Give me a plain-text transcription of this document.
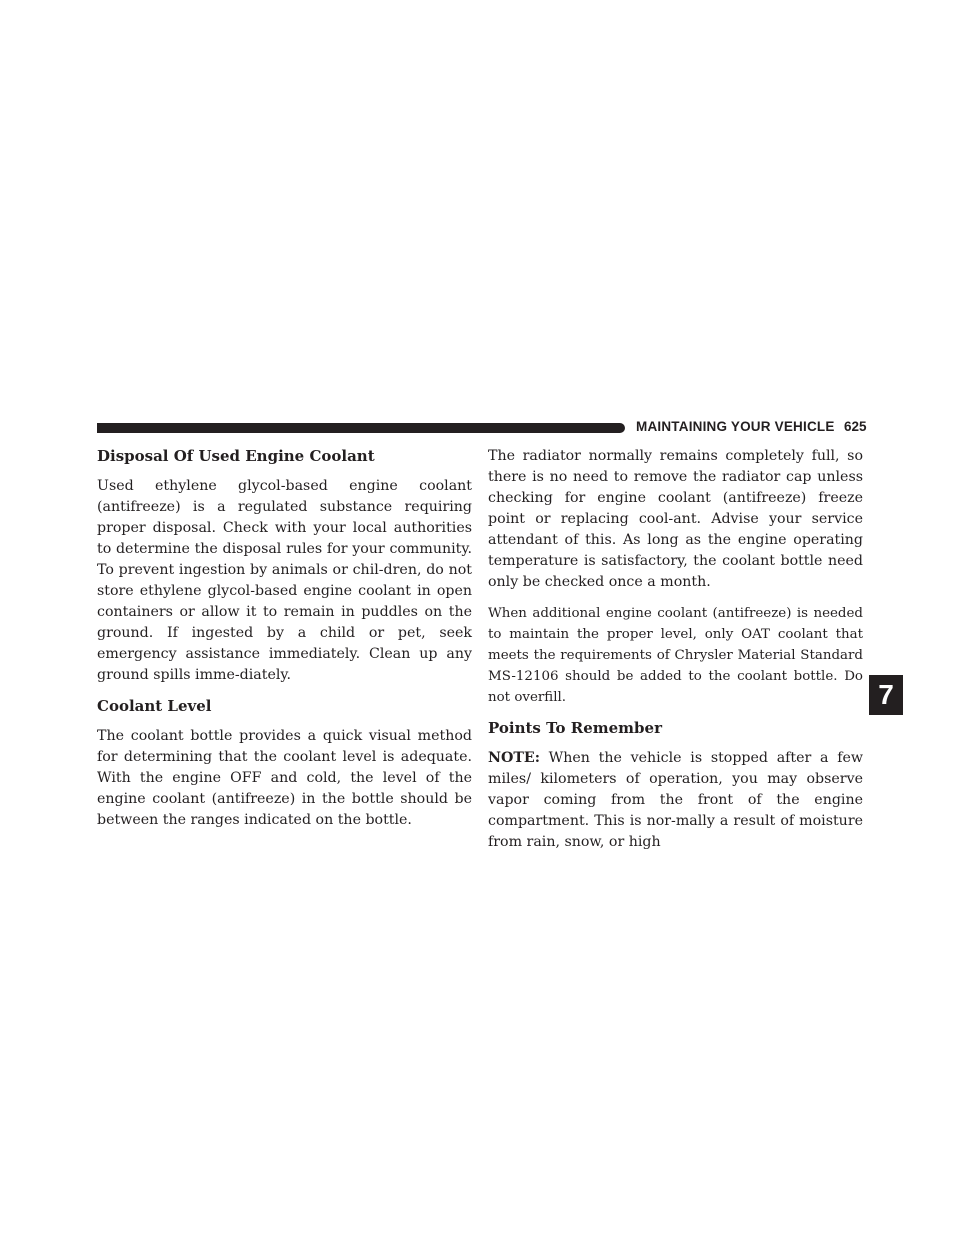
MAINTAINING YOUR VEHICLE 625
Disposal Of Used Engine Coolant

Used ethylene glycol-based engine coolant (antifreeze) is a regulated substance requiring proper disposal. Check with your local authorities to determine the disposal rules for your community. To prevent ingestion by animals or chil-dren, do not store ethylene glycol-based engine coolant in open containers or allow it to remain in puddles on the ground. If ingested by a child or pet, seek emergency assistance immediately. Clean up any ground spills imme-diately.

Coolant Level

The coolant bottle provides a quick visual method for determining that the coolant level is adequate. With the engine OFF and cold, the level of the engine coolant (antifreeze) in the bottle should be between the ranges indicated on the bottle.

The radiator normally remains completely full, so there is no need to remove the radiator cap unless checking for engine coolant (antifreeze) freeze point or replacing cool-ant. Advise your service attendant of this. As long as the engine operating temperature is satisfactory, the coolant bottle need only be checked once a month.

When additional engine coolant (antifreeze) is needed to maintain the proper level, only OAT coolant that meets the requirements of Chrysler Material Standard MS-12106 should be added to the coolant bottle. Do not overfill.

Points To Remember

NOTE: When the vehicle is stopped after a few miles/ kilometers of operation, you may observe vapor coming from the front of the engine compartment. This is nor-mally a result of moisture from rain, snow, or high

7
